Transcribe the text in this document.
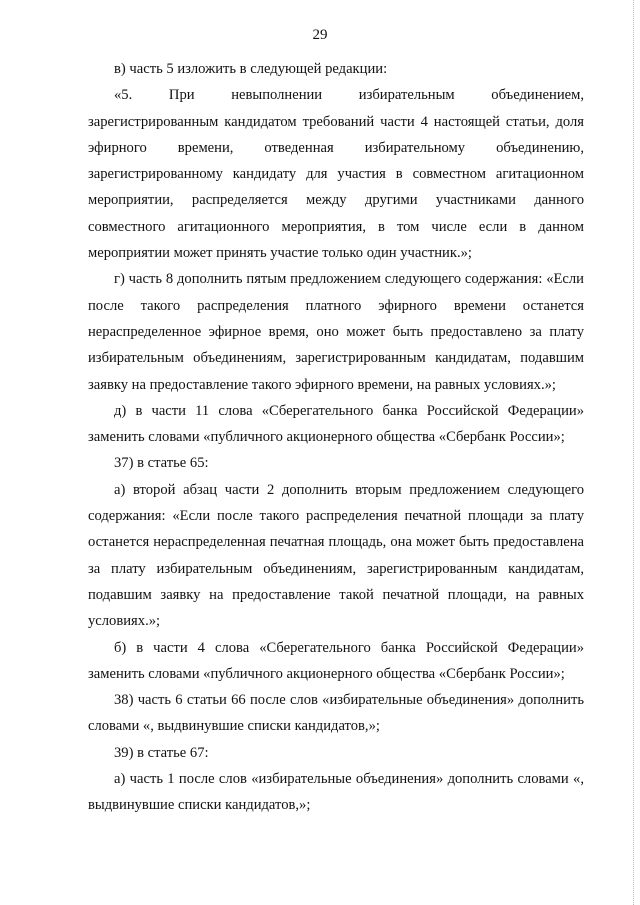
29

в) часть 5 изложить в следующей редакции:

«5. При невыполнении избирательным объединением, зарегистрированным кандидатом требований части 4 настоящей статьи, доля эфирного времени, отведенная избирательному объединению, зарегистрированному кандидату для участия в совместном агитационном мероприятии, распределяется между другими участниками данного совместного агитационного мероприятия, в том числе если в данном мероприятии может принять участие только один участник.»;

г) часть 8 дополнить пятым предложением следующего содержания: «Если после такого распределения платного эфирного времени останется нераспределенное эфирное время, оно может быть предоставлено за плату избирательным объединениям, зарегистрированным кандидатам, подавшим заявку на предоставление такого эфирного времени, на равных условиях.»;

д) в части 11 слова «Сберегательного банка Российской Федерации» заменить словами «публичного акционерного общества «Сбербанк России»;

37) в статье 65:

а) второй абзац части 2 дополнить вторым предложением следующего содержания: «Если после такого распределения печатной площади за плату останется нераспределенная печатная площадь, она может быть предоставлена за плату избирательным объединениям, зарегистрированным кандидатам, подавшим заявку на предоставление такой печатной площади, на равных условиях.»;

б) в части 4 слова «Сберегательного банка Российской Федерации» заменить словами «публичного акционерного общества «Сбербанк России»;

38) часть 6 статьи 66 после слов «избирательные объединения» дополнить словами «, выдвинувшие списки кандидатов,»;

39) в статье 67:

а) часть 1 после слов «избирательные объединения» дополнить словами «, выдвинувшие списки кандидатов,»;
